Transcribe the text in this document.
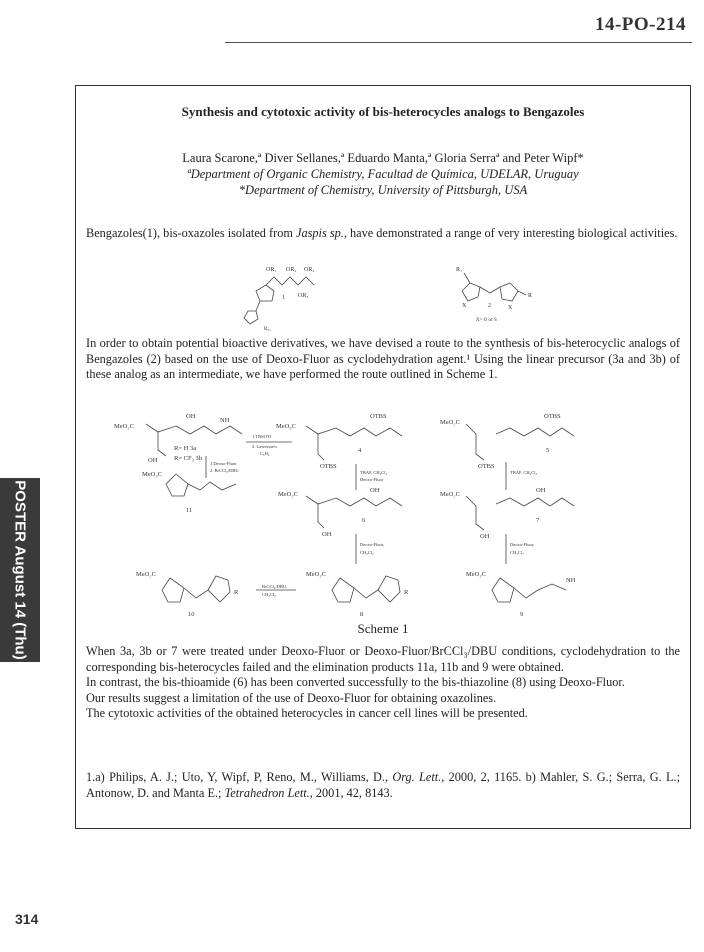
14-PO-214
POSTER August 14 (Thu)
Synthesis and cytotoxic activity of bis-heterocycles analogs to Bengazoles
Laura Scarone,ª Diver Sellanes,ª Eduardo Manta,ª Gloria Serraª and Peter Wipf*
ªDepartment of Organic Chemistry, Facultad de Química, UDELAR, Uruguay
*Department of Chemistry, University of Pittsburgh, USA
Bengazoles(1), bis-oxazoles isolated from Jaspis sp., have demonstrated a range of very interesting biological activities.
OR₁ OR₂ OR₃
OR₄
1
R₅₁
R₁
X	X
R
2
X= O or S
In order to obtain potential bioactive derivatives, we have devised a route to the synthesis of bis-heterocyclic analogs of Bengazoles (2) based on the use of Deoxo-Fluor as cyclodehydration agent.¹ Using the linear precursor (3a and 3b) of these analog as an intermediate, we have performed the route outlined in Scheme 1.
MeO₂C
OH
NH
OH
R= H 3a
R= CF₃ 3b
MeO₂C
OTBS
OTBS
4
MeO₂C
OTBS
OTBS
5
MeO₂C
11
MeO₂C
OH
OH
6
MeO₂C
OH
OH
7
MeO₂C
R
10
MeO₂C
R
8
MeO₂C
NH
9
1.TBSOTf
2. Lawesson's
C₆H₆
1.Deoxo-Fluor
2. BrCCl₃/DBU	TBAF, CH₂Cl₂
Deoxo-Fluor
TBAF, CH₂Cl₂
Deoxo-Fluor,
CH₂Cl₂
Deoxo-Fluor,
CH₂Cl₂
BrCCl₃/DBU,
CH₂Cl₂
Scheme 1
When 3a, 3b or 7 were treated under Deoxo-Fluor or Deoxo-Fluor/BrCCl₃/DBU conditions, cyclodehydration to the corresponding bis-heterocycles failed and the elimination products 11a, 11b and 9 were obtained.
In contrast, the bis-thioamide (6) has been converted successfully to the bis-thiazoline (8) using Deoxo-Fluor.
Our results suggest a limitation of the use of Deoxo-Fluor for obtaining oxazolines.
The cytotoxic activities of the obtained heterocycles in cancer cell lines will be presented.
1.a) Philips, A. J.; Uto, Y, Wipf, P, Reno, M., Williams, D., Org. Lett., 2000, 2, 1165. b) Mahler, S. G.; Serra, G. L.; Antonow, D. and Manta E.; Tetrahedron Lett., 2001, 42, 8143.
314
